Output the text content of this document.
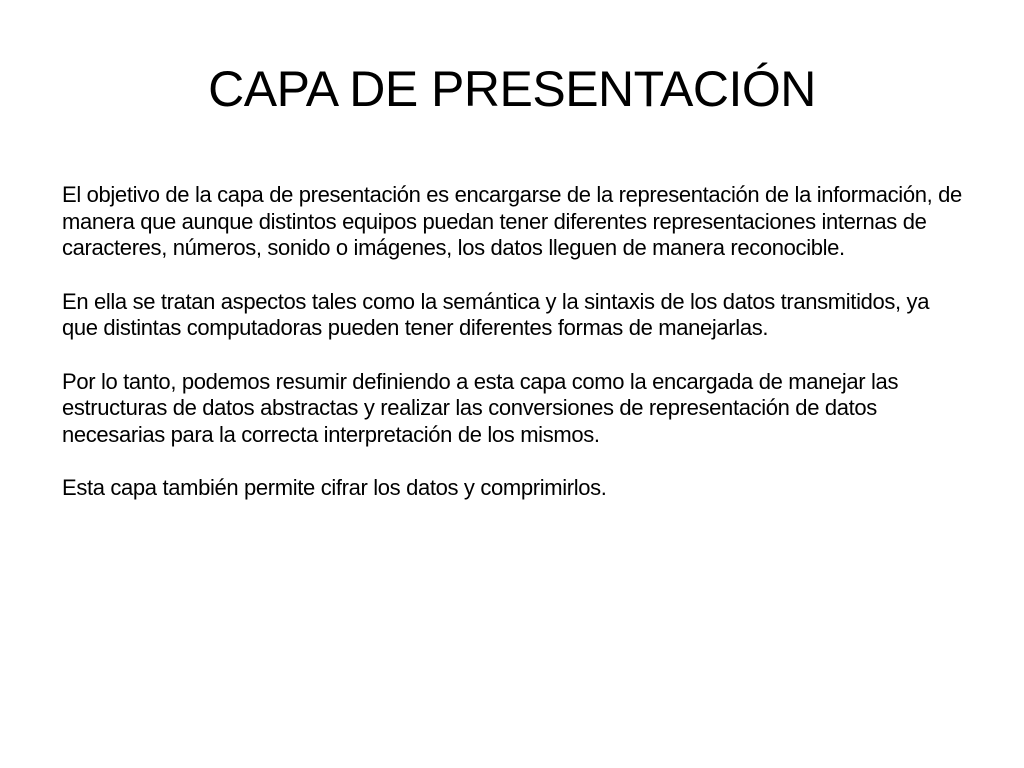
CAPA DE PRESENTACIÓN

El objetivo de la capa de presentación es encargarse de la representación de la información, de manera que aunque distintos equipos puedan tener diferentes representaciones internas de caracteres, números, sonido o imágenes, los datos lleguen de manera reconocible.

En ella se tratan aspectos tales como la semántica y la sintaxis de los datos transmitidos, ya que distintas computadoras pueden tener diferentes formas de manejarlas.

Por lo tanto, podemos resumir definiendo a esta capa como la encargada de manejar las estructuras de datos abstractas y realizar las conversiones de representación de datos necesarias para la correcta interpretación de los mismos.

Esta capa también permite cifrar los datos y comprimirlos.
